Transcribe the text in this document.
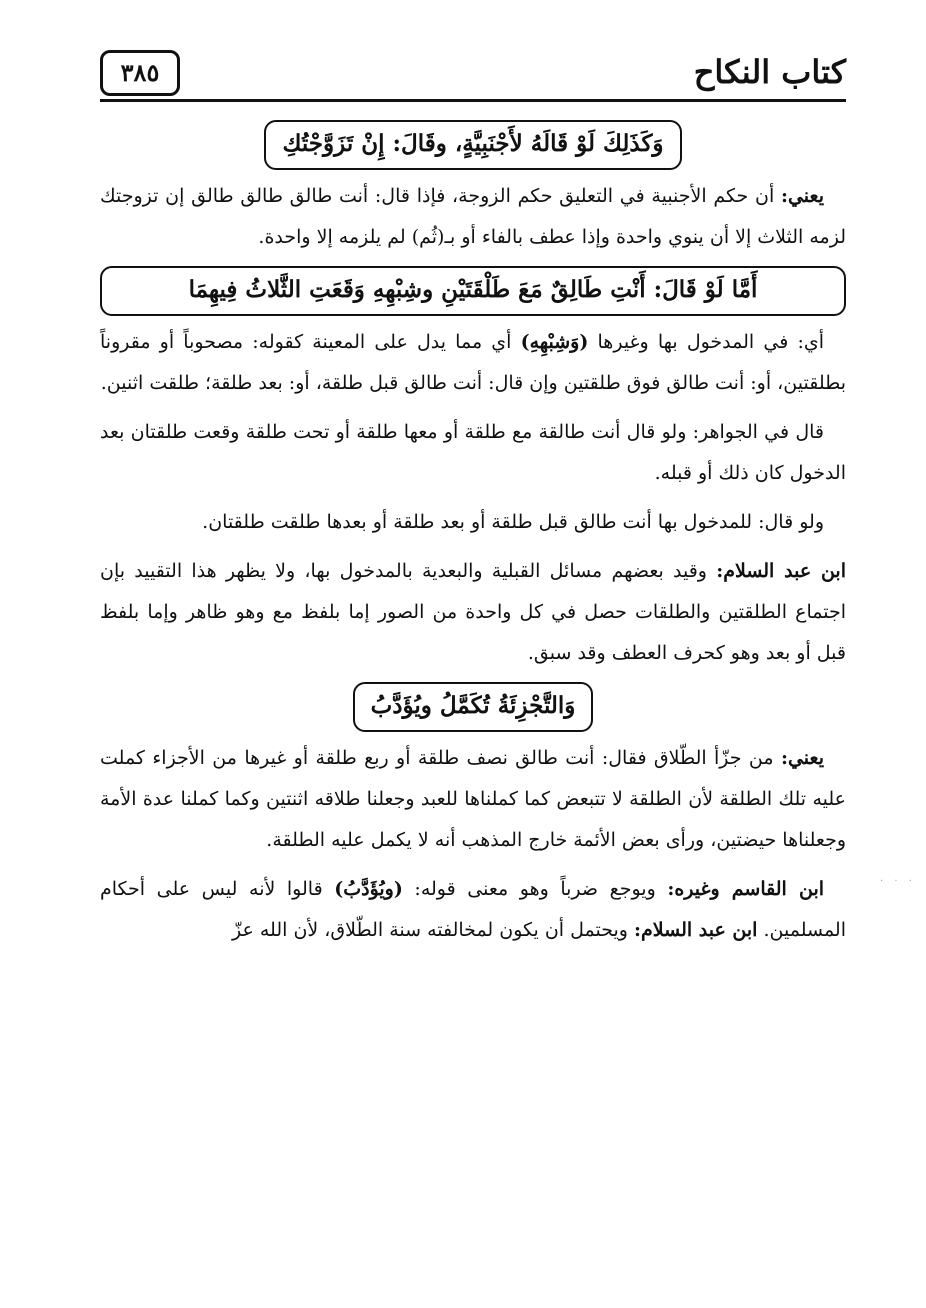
كتاب النكاح
٣٨٥
وَكَذَلِكَ لَوْ قَالَهُ لأَجْنَبِيَّةٍ، وقَالَ: إِنْ تَزَوَّجْتُكِ

يعني: أن حكم الأجنبية في التعليق حكم الزوجة، فإذا قال: أنت طالق طالق طالق إن تزوجتك لزمه الثلاث إلا أن ينوي واحدة وإذا عطف بالفاء أو بـ(ثُم) لم يلزمه إلا واحدة.

أَمَّا لَوْ قَالَ: أَنْتِ طَالِقٌ مَعَ طَلْقَتَيْنِ وشِبْهِهِ وَقَعَتِ الثَّلاثُ فِيهِمَا

أي: في المدخول بها وغيرها (وَشِبْهِهِ) أي مما يدل على المعينة كقوله: مصحوباً أو مقروناً بطلقتين، أو: أنت طالق فوق طلقتين وإن قال: أنت طالق قبل طلقة، أو: بعد طلقة؛ طلقت اثنين.

قال في الجواهر: ولو قال أنت طالقة مع طلقة أو معها طلقة أو تحت طلقة وقعت طلقتان بعد الدخول كان ذلك أو قبله.

ولو قال: للمدخول بها أنت طالق قبل طلقة أو بعد طلقة أو بعدها طلقت طلقتان.

ابن عبد السلام: وقيد بعضهم مسائل القبلية والبعدية بالمدخول بها، ولا يظهر هذا التقييد بإن اجتماع الطلقتين والطلقات حصل في كل واحدة من الصور إما بلفظ مع وهو ظاهر وإما بلفظ قبل أو بعد وهو كحرف العطف وقد سبق.

وَالتَّجْزِئَةُ تُكَمَّلُ ويُؤَدَّبُ

يعني: من جزّأ الطّلاق فقال: أنت طالق نصف طلقة أو ربع طلقة أو غيرها من الأجزاء كملت عليه تلك الطلقة لأن الطلقة لا تتبعض كما كملناها للعبد وجعلنا طلاقه اثنتين وكما كملنا عدة الأمة وجعلناها حيضتين، ورأى بعض الأئمة خارج المذهب أنه لا يكمل عليه الطلقة.

ابن القاسم وغيره: ويوجع ضرباً وهو معنى قوله: (ويُؤَدَّبُ) قالوا لأنه ليس على أحكام المسلمين. ابن عبد السلام: ويحتمل أن يكون لمخالفته سنة الطّلاق، لأن الله عزّ

· · ·
